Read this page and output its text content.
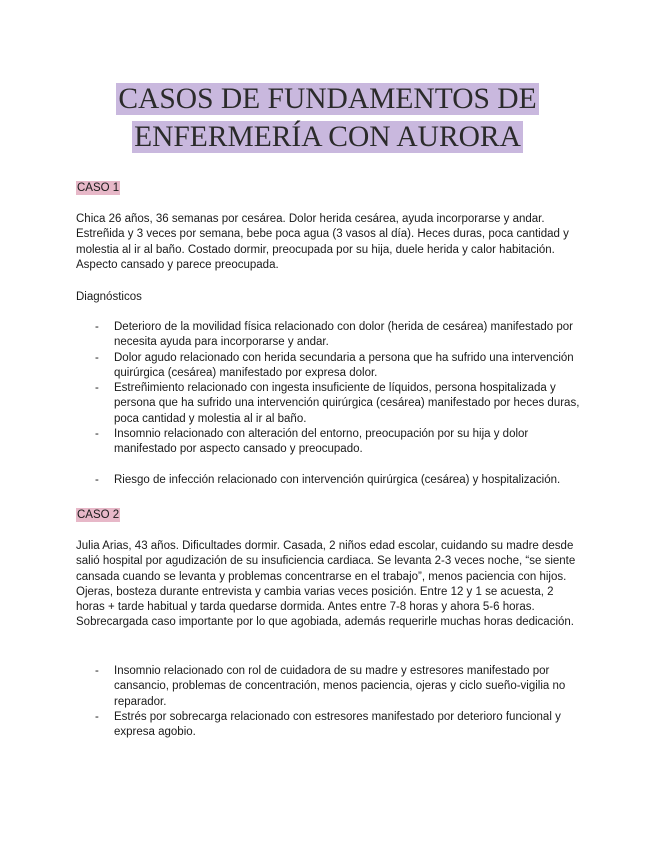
CASOS DE FUNDAMENTOS DE
ENFERMERÍA CON AURORA
CASO 1
Chica 26 años, 36 semanas por cesárea. Dolor herida cesárea, ayuda incorporarse y andar. Estreñida y 3 veces por semana, bebe poca agua (3 vasos al día). Heces duras, poca cantidad y molestia al ir al baño. Costado dormir, preocupada por su hija, duele herida y calor habitación. Aspecto cansado y parece preocupada.
Diagnósticos
- Deterioro de la movilidad física relacionado con dolor (herida de cesárea) manifestado por necesita ayuda para incorporarse y andar.
- Dolor agudo relacionado con herida secundaria a persona que ha sufrido una intervención quirúrgica (cesárea) manifestado por expresa dolor.
- Estreñimiento relacionado con ingesta insuficiente de líquidos, persona hospitalizada y persona que ha sufrido una intervención quirúrgica (cesárea) manifestado por heces duras, poca cantidad y molestia al ir al baño.
- Insomnio relacionado con alteración del entorno, preocupación por su hija y dolor manifestado por aspecto cansado y preocupado.
- Riesgo de infección relacionado con intervención quirúrgica (cesárea) y hospitalización.
CASO 2
Julia Arias, 43 años. Dificultades dormir. Casada, 2 niños edad escolar, cuidando su madre desde salió hospital por agudización de su insuficiencia cardiaca. Se levanta 2-3 veces noche, “se siente cansada cuando se levanta y problemas concentrarse en el trabajo”, menos paciencia con hijos. Ojeras, bosteza durante entrevista y cambia varias veces posición. Entre 12 y 1 se acuesta, 2 horas + tarde habitual y tarda quedarse dormida. Antes entre 7-8 horas y ahora 5-6 horas. Sobrecargada caso importante por lo que agobiada, además requerirle muchas horas dedicación.
- Insomnio relacionado con rol de cuidadora de su madre y estresores manifestado por cansancio, problemas de concentración, menos paciencia, ojeras y ciclo sueño-vigilia no reparador.
- Estrés por sobrecarga relacionado con estresores manifestado por deterioro funcional y expresa agobio.
